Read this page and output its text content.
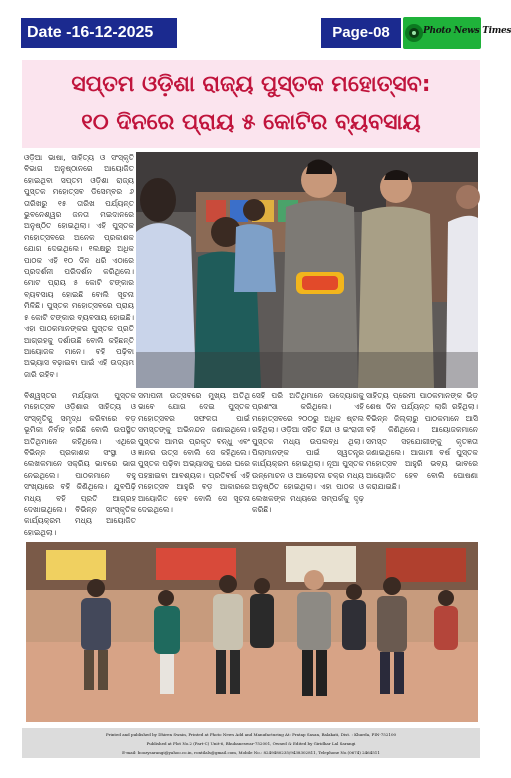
Date -16-12-2025	Page-08	Photo News Times
ସପ୍ତମ ଓଡ଼ିଶା ରାଜ୍ୟ ପୁସ୍ତକ ମହୋତ୍ସବ:
୧୦ ଦିନରେ ପ୍ରାୟ ୫ କୋଟିର ବ୍ୟବସାୟ
ଓଡ଼ିଆ ଭାଷା, ସାହିତ୍ୟ ଓ ସଂସ୍କୃତି ବିଭାଗ ଅନୁଷ୍ଠାନରେ ଆୟୋଜିତ ହୋଇଥିବା ସପ୍ତମ ଓଡ଼ିଶା ରାଜ୍ୟ ପୁସ୍ତକ ମହୋତ୍ସବ ଡିସେମ୍ବର ୬ ତାରିଖରୁ ୧୫ ତାରିଖ ପର୍ଯ୍ୟନ୍ତ ଭୁବନେଶ୍ୱର ଜନତା ମଇଦାନରେ ଅନୁଷ୍ଠିତ ହୋଇଥିଲା। ଏହି ପୁସ୍ତକ ମହୋତ୍ସବରେ ଅନେକ ପ୍ରକାଶକ ଯୋଗ ଦେଇଥିଲେ। ୧ଲକ୍ଷରୁ ଅଧିକ ପାଠକ ଏହି ୧୦ ଦିନ ଧରି ଏଠାରେ ପ୍ରଦର୍ଶନୀ ପରିଦର୍ଶନ କରିଥିଲେ। ମୋଟ ପ୍ରାୟ ୫ କୋଟି ଟଙ୍କାର ବ୍ୟବସାୟ ହୋଇଛି ବୋଲି ସୂଚନା ମିଳିଛି। ପୁସ୍ତକ ମହୋତ୍ସବରେ ପ୍ରାୟ ୫ କୋଟି ଟଙ୍କାର ବ୍ୟବସାୟ ହୋଇଛି। ଏହା ପାଠକମାନଙ୍କର ପୁସ୍ତକ ପ୍ରତି ଆଗ୍ରହକୁ ଦର୍ଶାଉଛି ବୋଲି କହିଛନ୍ତି ଆୟୋଜକ ମାନେ। ବହି ପଢ଼ିବା ଅଭ୍ୟାସ ବଢ଼ାଇବା ପାଇଁ ଏହି ଉଦ୍ୟମ ଜାରି ରହିବ।
ବିଶ୍ୱସ୍ତର ମର୍ଯ୍ୟାଦା ପୁସ୍ତକ ମହୋତ୍ସବ ଓଡ଼ିଶାର ସାହିତ୍ୟ ଓ ସଂସ୍କୃତିକୁ ସମୃଦ୍ଧ କରିବାରେ ବଡ଼ ଭୂମିକା ନିର୍ବାହ କରିଛି ବୋଲି ଉପସ୍ଥିତ ଅତିଥିମାନେ କହିଥିଲେ। ଏଥିରେ ବିଭିନ୍ନ ପ୍ରକାଶକ ସଂସ୍ଥା ଓ ଲେଖକମାନେ ସକ୍ରିୟ ଭାବରେ ଭାଗ ନେଇଥିଲେ। ପାଠକମାନେ ବହୁ ସଂଖ୍ୟାରେ ବହି କିଣିଥିଲେ। ଯୁବପିଢ଼ି ମଧ୍ୟ ବହି ପ୍ରତି ଆଗ୍ରହ ଦେଖାଇଥିଲେ। ବିଭିନ୍ନ ସାଂସ୍କୃତିକ କାର୍ଯ୍ୟକ୍ରମ ମଧ୍ୟ ଆୟୋଜିତ ହୋଇଥିଲା।
ସମାପନୀ ଉତ୍ସବରେ ମୁଖ୍ୟ ଅତିଥି ଭାବେ ଯୋଗ ଦେଇ ପୁସ୍ତକ ମହୋତ୍ସବର ସଫଳତା ପାଇଁ ସମସ୍ତଙ୍କୁ ଅଭିନନ୍ଦନ ଜଣାଇଥିଲେ। ପୁସ୍ତକ ଆମର ପ୍ରକୃତ ବନ୍ଧୁ ଏବଂ ଜ୍ଞାନର ଉତ୍ସ ବୋଲି ସେ କହିଥିଲେ। ପୁସ୍ତକ ପଢ଼ିବା ଅଭ୍ୟାସକୁ ଘରେ ଘରେ ପହଞ୍ଚାଇବା ଆବଶ୍ୟକ। ପ୍ରତିବର୍ଷ ଏହି ମହୋତ୍ସବ ଆହୁରି ବଡ଼ ଆକାରରେ ଆୟୋଜିତ ହେବ ବୋଲି ସେ ସୂଚନା ଦେଇଥିଲେ।
ସେହି ପରି ଅତିଥିମାନେ ଉଦ୍ୟୋଗକୁ ପ୍ରଶଂସା କରିଥିଲେ। ଏହି ମହୋତ୍ସବରେ ୨୦୦ରୁ ଅଧିକ ଷ୍ଟଲ ରହିଥିଲା। ଓଡ଼ିଆ ସହିତ ହିନ୍ଦୀ ଓ ଇଂରାଜୀ ପୁସ୍ତକ ମଧ୍ୟ ଉପଲବ୍ଧ ଥିଲା। ପିଲାମାନଙ୍କ ପାଇଁ ସ୍ୱତନ୍ତ୍ର କାର୍ଯ୍ୟକ୍ରମ ହୋଇଥିଲା। ନୂଆ ପୁସ୍ତକ ଉନ୍ମୋଚନ ଓ ଆଲୋଚନା ଚକ୍ର ମଧ୍ୟ ଅନୁଷ୍ଠିତ ହୋଇଥିଲା। ଏହା ପାଠକ ଓ ଲେଖକଙ୍କ ମଧ୍ୟରେ ସମ୍ପର୍କକୁ ଦୃଢ଼ କରିଛି।
ସାହିତ୍ୟ ପ୍ରେମୀ ପାଠକମାନଙ୍କ ଭିଡ଼ ଶେଷ ଦିନ ପର୍ଯ୍ୟନ୍ତ ଲାଗି ରହିଥିଲା। ବିଭିନ୍ନ ଜିଲ୍ଲାରୁ ପାଠକମାନେ ଆସି ବହି କିଣିଥିଲେ। ଆୟୋଜକମାନେ ସମସ୍ତ ସହଯୋଗୀଙ୍କୁ କୃତଜ୍ଞତା ଜଣାଇଥିଲେ। ଆଗାମୀ ବର୍ଷ ପୁସ୍ତକ ମହୋତ୍ସବ ଆହୁରି ଭବ୍ୟ ଭାବରେ ଆୟୋଜିତ ହେବ ବୋଲି ଘୋଷଣା କରାଯାଇଛି।
Printed and published by Dhiren Swain, Printed at Photo News Add and Manufacturing At: Pratap Sasan, Balakati, Dist. : Khurda, PIN-752100
Published at Plot No.2 (Part-C) Unit-6, Bhubaneswar-752001, Owned & Edited by Giridhar Lal Sarangi
E-mail: boozysarangi@yahoo.co.in, rontilals@gmail.com, Mobile No.: 8249480235/9438302811, Telephone No.(0674) 2464511
